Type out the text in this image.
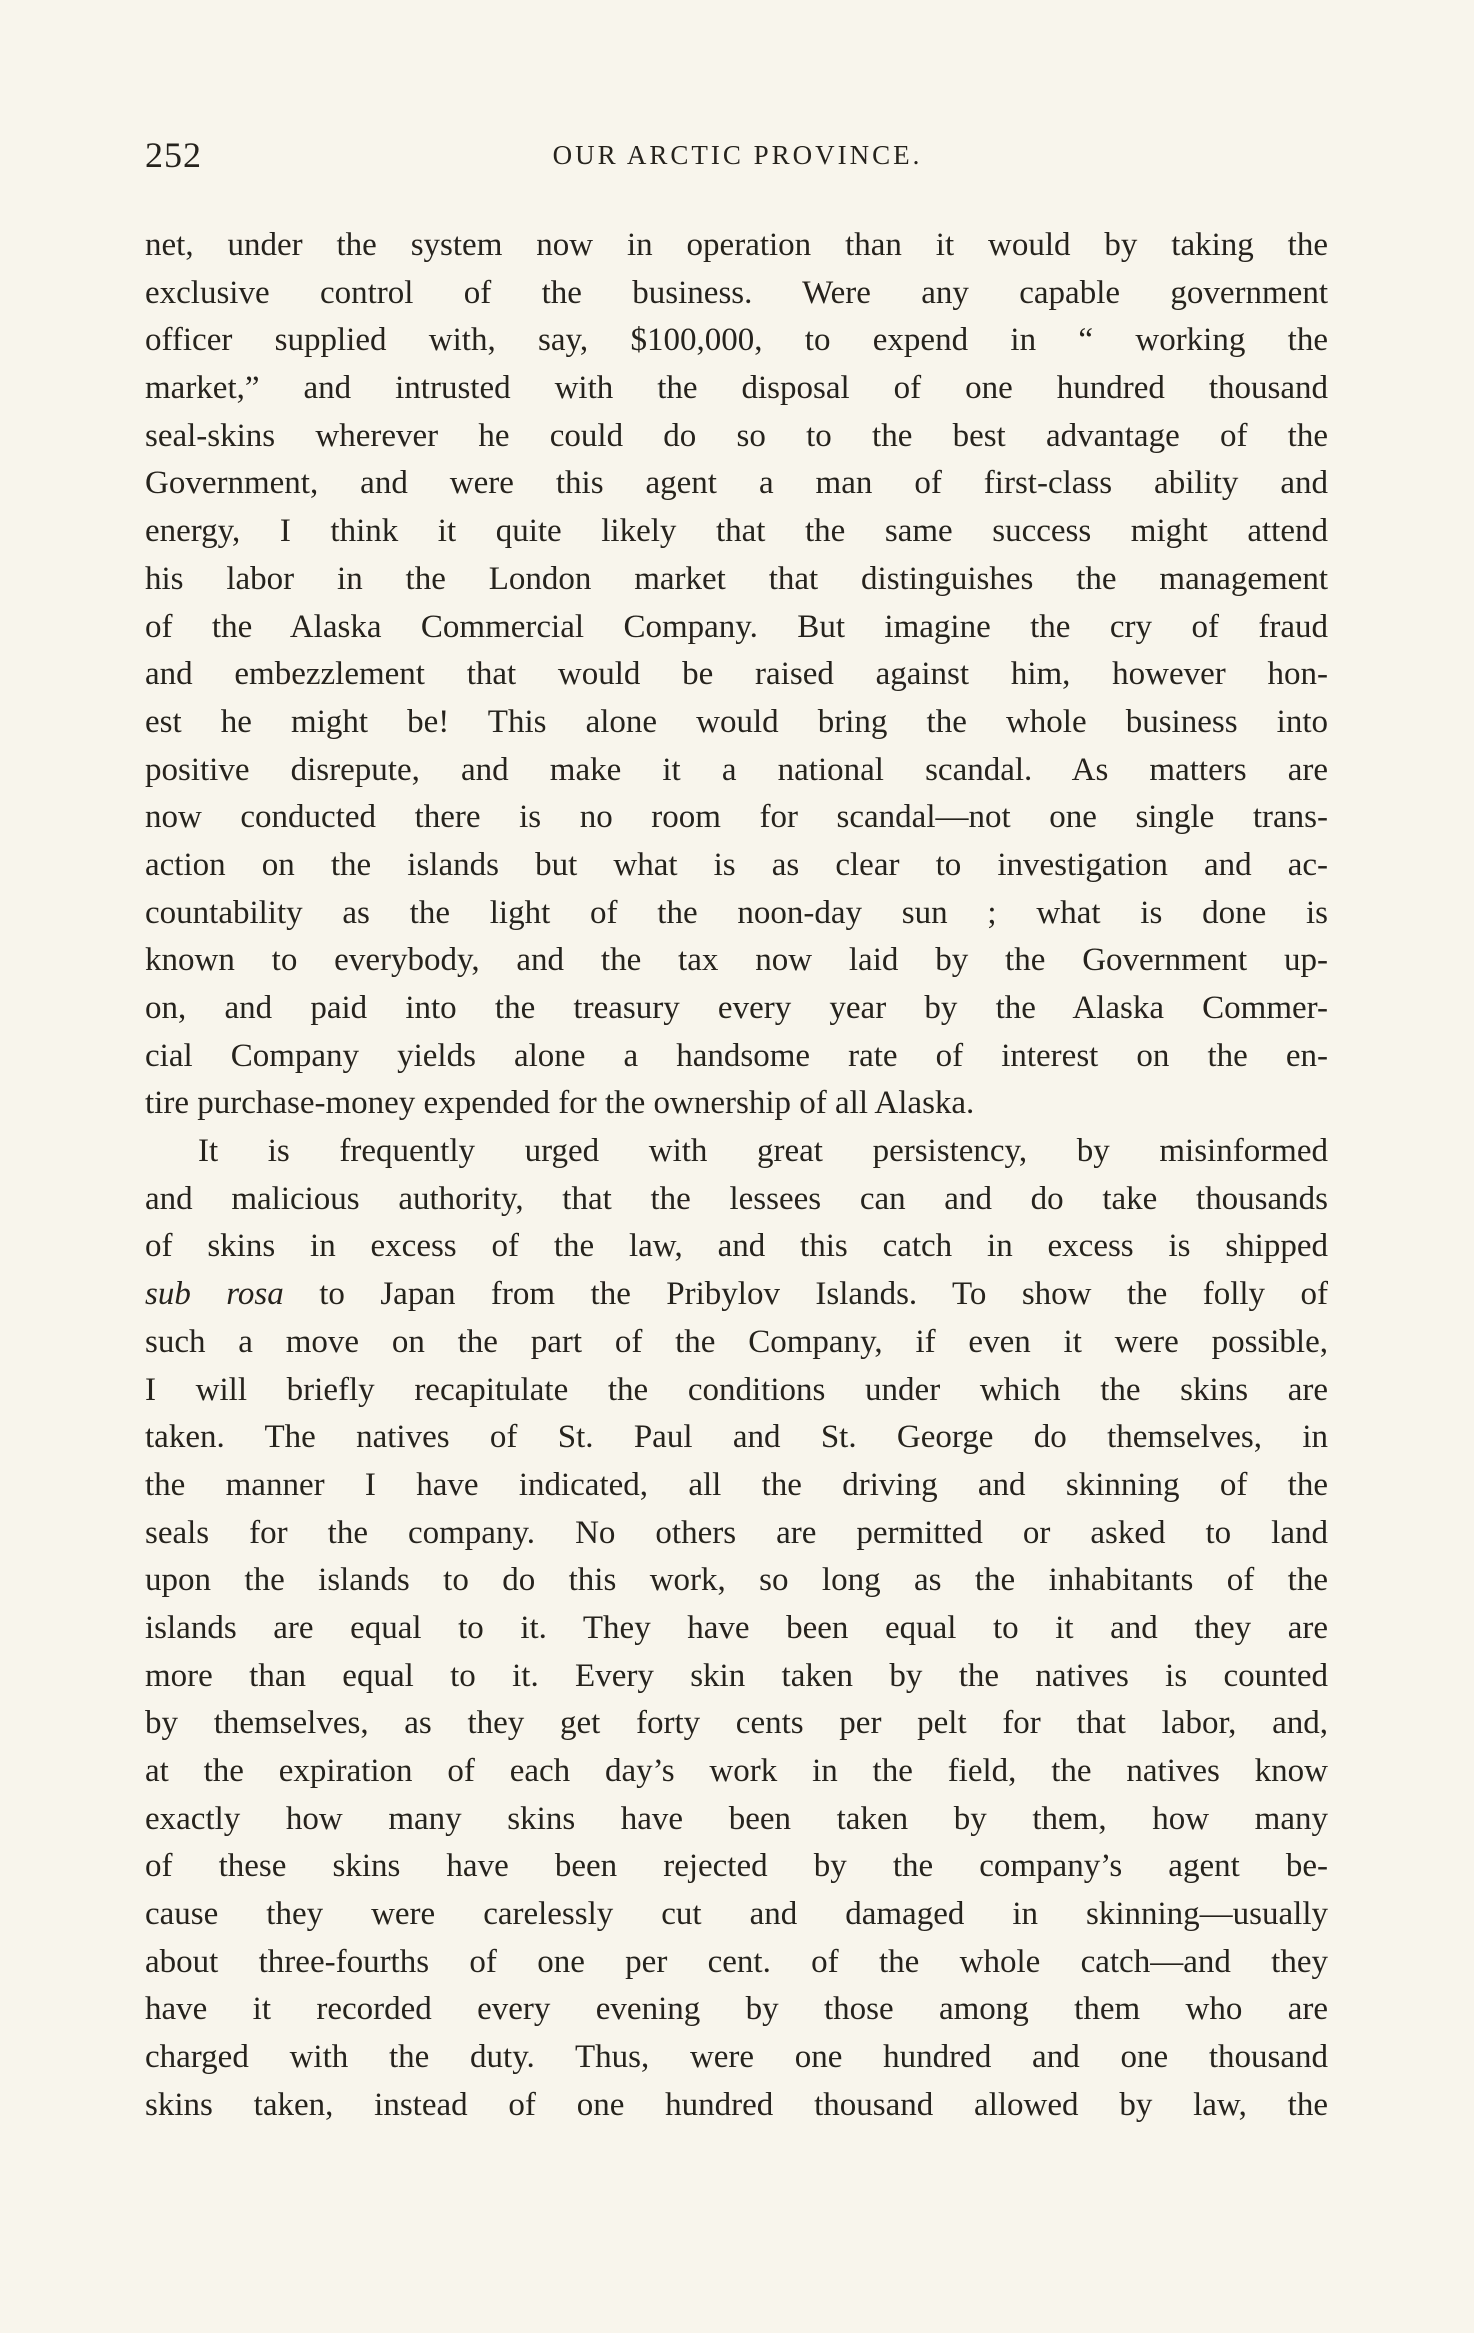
252	OUR ARCTIC PROVINCE.
net, under the system now in operation than it would by taking the
exclusive control of the business. Were any capable government
officer supplied with, say, $100,000, to expend in “ working the
market,” and intrusted with the disposal of one hundred thousand
seal-skins wherever he could do so to the best advantage of the
Government, and were this agent a man of first-class ability and
energy, I think it quite likely that the same success might attend
his labor in the London market that distinguishes the management
of the Alaska Commercial Company. But imagine the cry of fraud
and embezzlement that would be raised against him, however hon-
est he might be! This alone would bring the whole business into
positive disrepute, and make it a national scandal. As matters are
now conducted there is no room for scandal—not one single trans-
action on the islands but what is as clear to investigation and ac-
countability as the light of the noon-day sun ; what is done is
known to everybody, and the tax now laid by the Government up-
on, and paid into the treasury every year by the Alaska Commer-
cial Company yields alone a handsome rate of interest on the en-
tire purchase-money expended for the ownership of all Alaska.
It is frequently urged with great persistency, by misinformed
and malicious authority, that the lessees can and do take thousands
of skins in excess of the law, and this catch in excess is shipped
sub rosa to Japan from the Pribylov Islands. To show the folly of
such a move on the part of the Company, if even it were possible,
I will briefly recapitulate the conditions under which the skins are
taken. The natives of St. Paul and St. George do themselves, in
the manner I have indicated, all the driving and skinning of the
seals for the company. No others are permitted or asked to land
upon the islands to do this work, so long as the inhabitants of the
islands are equal to it. They have been equal to it and they are
more than equal to it. Every skin taken by the natives is counted
by themselves, as they get forty cents per pelt for that labor, and,
at the expiration of each day’s work in the field, the natives know
exactly how many skins have been taken by them, how many
of these skins have been rejected by the company’s agent be-
cause they were carelessly cut and damaged in skinning—usually
about three-fourths of one per cent. of the whole catch—and they
have it recorded every evening by those among them who are
charged with the duty. Thus, were one hundred and one thousand
skins taken, instead of one hundred thousand allowed by law, the
